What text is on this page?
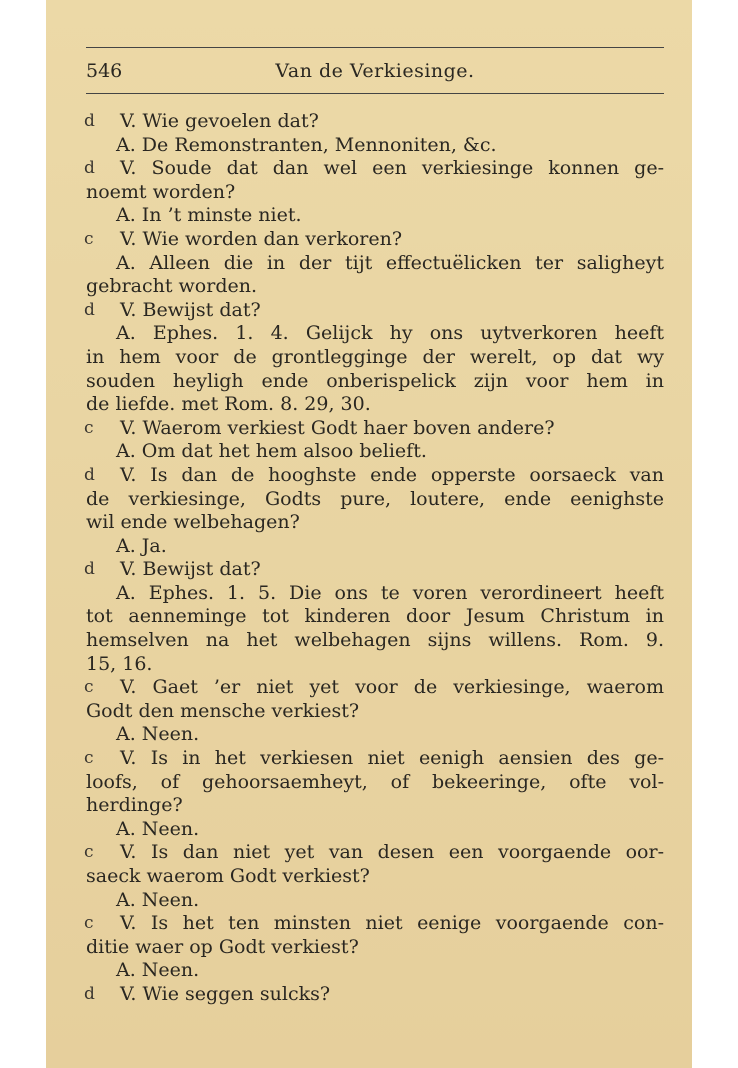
546	Van de Verkiesinge.
d	V. Wie gevoelen dat?
A. De Remonstranten, Mennoniten, &c.
d	V. Soude dat dan wel een verkiesinge konnen ge-
noemt worden?
A. In ’t minste niet.
c	V. Wie worden dan verkoren?
A. Alleen die in der tijt effectuëlicken ter saligheyt
gebracht worden.
d	V. Bewijst dat?
A. Ephes. 1. 4. Gelijck hy ons uytverkoren heeft
in hem voor de grontlegginge der werelt, op dat wy
souden heyligh ende onberispelick zijn voor hem in
de liefde. met Rom. 8. 29, 30.
c	V. Waerom verkiest Godt haer boven andere?
A. Om dat het hem alsoo belieft.
d	V. Is dan de hooghste ende opperste oorsaeck van
de verkiesinge, Godts pure, loutere, ende eenighste
wil ende welbehagen?
A. Ja.
d	V. Bewijst dat?
A. Ephes. 1. 5. Die ons te voren verordineert heeft
tot aenneminge tot kinderen door Jesum Christum in
hemselven na het welbehagen sijns willens. Rom. 9.
15, 16.
c	V. Gaet ’er niet yet voor de verkiesinge, waerom
Godt den mensche verkiest?
A. Neen.
c	V. Is in het verkiesen niet eenigh aensien des ge-
loofs, of gehoorsaemheyt, of bekeeringe, ofte vol-
herdinge?
A. Neen.
c	V. Is dan niet yet van desen een voorgaende oor-
saeck waerom Godt verkiest?
A. Neen.
c	V. Is het ten minsten niet eenige voorgaende con-
ditie waer op Godt verkiest?
A. Neen.
d	V. Wie seggen sulcks?
